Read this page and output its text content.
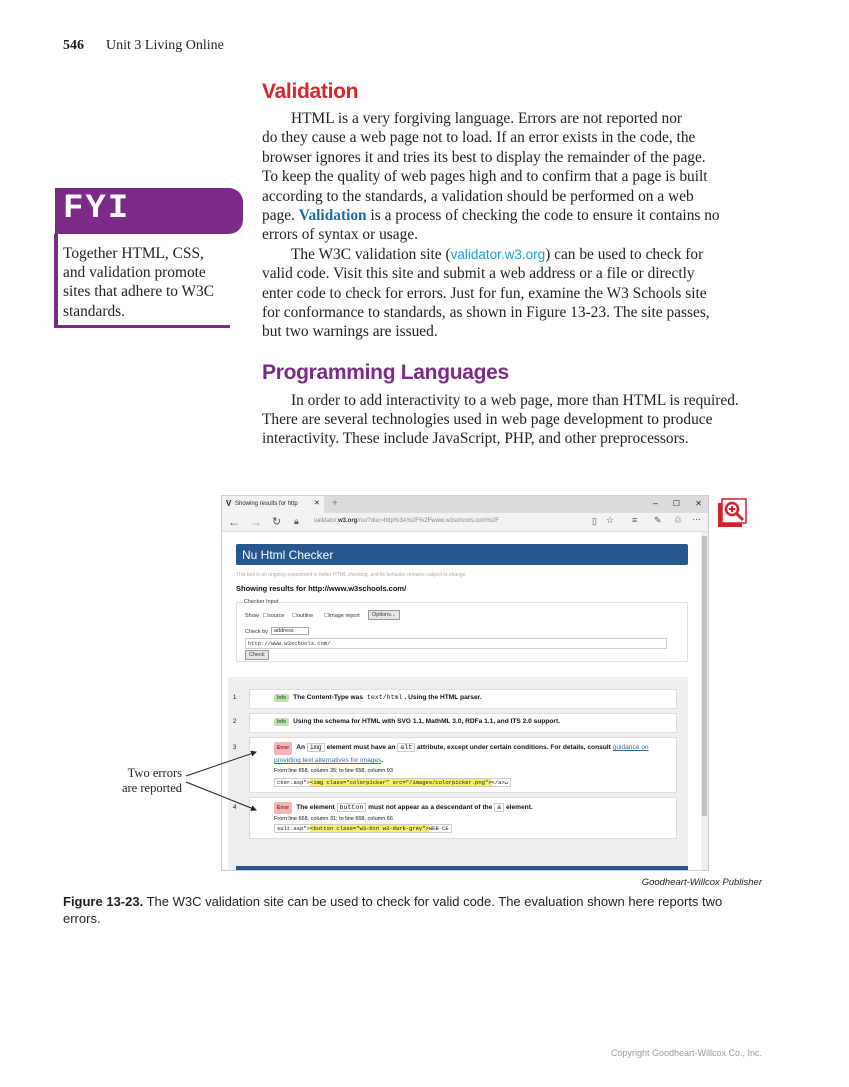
546 Unit 3 Living Online
Validation
HTML is a very forgiving language. Errors are not reported nor
do they cause a web page not to load. If an error exists in the code, the
browser ignores it and tries its best to display the remainder of the page.
To keep the quality of web pages high and to confirm that a page is built
according to the standards, a validation should be performed on a web
page. Validation is a process of checking the code to ensure it contains no
errors of syntax or usage.
The W3C validation site (validator.w3.org) can be used to check for
valid code. Visit this site and submit a web address or a file or directly
enter code to check for errors. Just for fun, examine the W3 Schools site
for conformance to standards, as shown in Figure 13-23. The site passes,
but two warnings are issued.
Programming Languages
In order to add interactivity to a web page, more than HTML is required.
There are several technologies used in web page development to produce
interactivity. These include JavaScript, PHP, and other preprocessors.
FYI
Together HTML, CSS,
and validation promote
sites that adhere to W3C
standards.
V Showing results for http ✕ +	– ☐ ✕
← → ↻ 🔒︎	validator.w3.org/nu/?doc=http%3A%2F%2Fwww.w3schools.com%2F	▯ ☆ ≡ ✎ ♲ ⋯
Nu Html Checker
This tool is an ongoing experiment in better HTML checking, and its behavior remains subject to change
Showing results for http://www.w3schools.com/
Checker Input
Show ☐source ☐outline ☐image report	Options...
Check by	address
http://www.w3schools.com/
Check
1	Info The Content-Type was text/html . Using the HTML parser.
2	Info Using the schema for HTML with SVG 1.1, MathML 3.0, RDFa 1.1, and ITS 2.0 support.
3	Error An img element must have an alt attribute, except under certain conditions. For details, consult guidance on providing text alternatives for images.
From line 658, column 35; to line 658, column 93
cker.asp"><img class="colorpicker" src="/images/colorpicker.png"></a>↵
4	Error The element button must not appear as a descendant of the a element.
From line 668, column 31; to line 668, column 66
sult.asp"><button class="w3-btn w3-dark-grey">WEB CE
Two errors
are reported
Goodheart-Willcox Publisher
Figure 13-23. The W3C validation site can be used to check for valid code. The evaluation shown here reports two errors.
Copyright Goodheart-Willcox Co., Inc.
